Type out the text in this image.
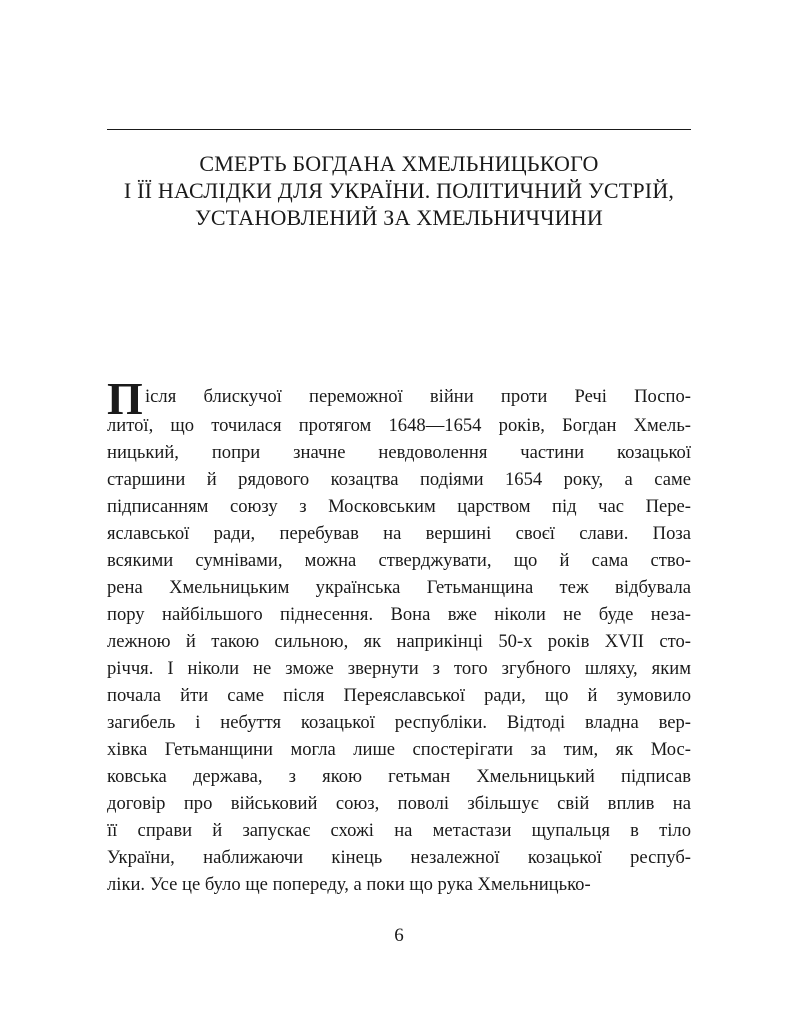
СМЕРТЬ БОГДАНА ХМЕЛЬНИЦЬКОГО
І ЇЇ НАСЛІДКИ ДЛЯ УКРАЇНИ. ПОЛІТИЧНИЙ УСТРІЙ,
УСТАНОВЛЕНИЙ ЗА ХМЕЛЬНИЧЧИНИ
П ісля блискучої переможної війни проти Речі Поспо-
литої, що точилася протягом 1648—1654 років, Богдан Хмель-
ницький, попри значне невдоволення частини козацької
старшини й рядового козацтва подіями 1654 року, а саме
підписанням союзу з Московським царством під час Пере-
яславської ради, перебував на вершині своєї слави. Поза
всякими сумнівами, можна стверджувати, що й сама ство-
рена Хмельницьким українська Гетьманщина теж відбувала
пору найбільшого піднесення. Вона вже ніколи не буде неза-
лежною й такою сильною, як наприкінці 50-х років XVII сто-
річчя. І ніколи не зможе звернути з того згубного шляху, яким
почала йти саме після Переяславської ради, що й зумовило
загибель і небуття козацької республіки. Відтоді владна вер-
хівка Гетьманщини могла лише спостерігати за тим, як Мос-
ковська держава, з якою гетьман Хмельницький підписав
договір про військовий союз, поволі збільшує свій вплив на
її справи й запускає схожі на метастази щупальця в тіло
України, наближаючи кінець незалежної козацької респуб-
ліки. Усе це було ще попереду, а поки що рука Хмельницько-
6
